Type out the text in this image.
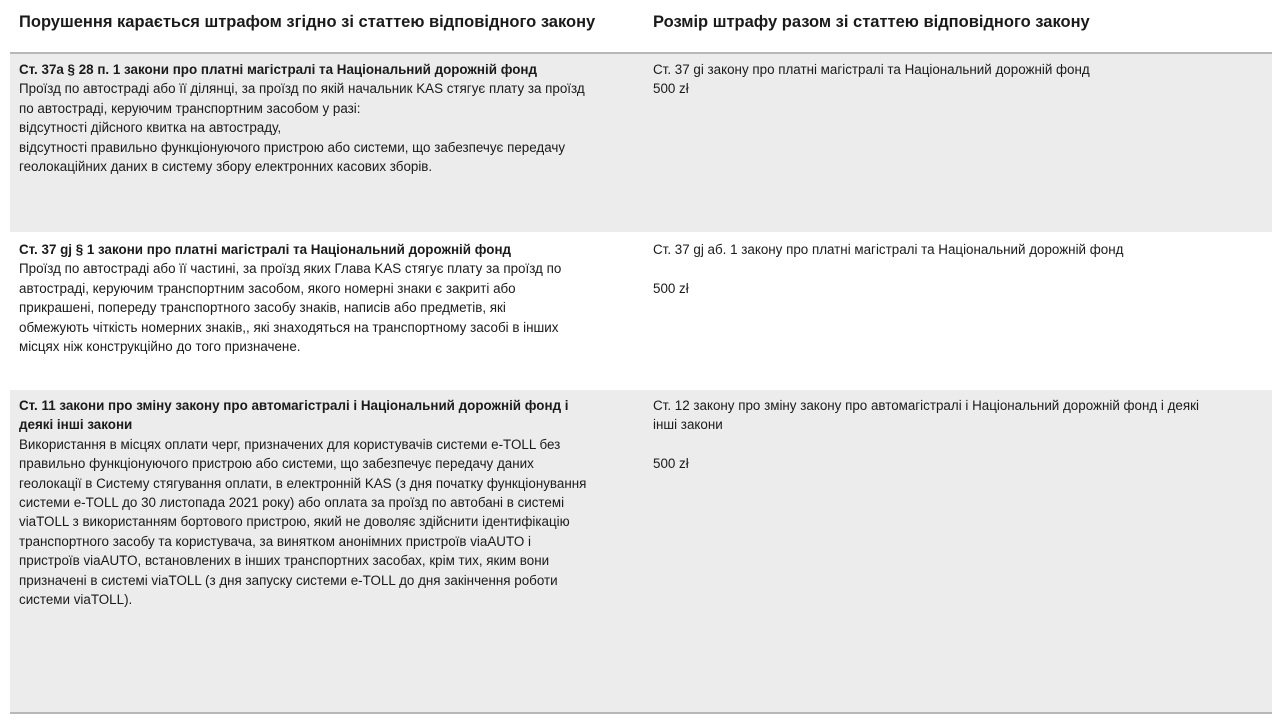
Порушення карається штрафом згідно зі статтею відповідного закону	Розмір штрафу разом зі статтею відповідного закону
Ст. 37a § 28 п. 1 закони про платні магістралі та Національний дорожній фонд
Проїзд по автостраді або її ділянці, за проїзд по якій начальник KAS стягує плату за проїзд
по автостраді, керуючим транспортним засобом у разі:
відсутності дійсного квитка на автостраду,
відсутності правильно функціонуючого пристрою або системи, що забезпечує передачу
геолокаційних даних в систему збору електронних касових зборів.
Ст. 37 gі закону про платні магістралі та Національний дорожній фонд
500 zł
Ст. 37 gj § 1 закони про платні магістралі та Національний дорожній фонд
Проїзд по автостраді або її частині, за проїзд яких Глава KAS стягує плату за проїзд по
автостраді, керуючим транспортним засобом, якого номерні знаки є закриті або
прикрашені, попереду транспортного засобу знаків, написів або предметів, які
обмежують чіткість номерних знаків,, які знаходяться на транспортному засобі в інших
місцях ніж конструкційно до того призначене.
Ст. 37 gj аб. 1 закону про платні магістралі та Національний дорожній фонд
500 zł
Ст. 11 закони про зміну закону про автомагістралі і Національний дорожній фонд і
деякі інші закони
Використання в місцях оплати черг, призначених для користувачів системи e-TOLL без
правильно функціонуючого пристрою або системи, що забезпечує передачу даних
геолокації в Систему стягування оплати, в електронній KAS (з дня початку функціонування
системи e-TOLL до 30 листопада 2021 року) або оплата за проїзд по автобані в системі
viaTOLL з використанням бортового пристрою, який не доволяє здійснити ідентифікацію
транспортного засобу та користувача, за винятком анонімних пристроїв viaAUTO і
пристроїв viaAUTO, встановлених в інших транспортних засобах, крім тих, яким вони
призначені в системі viaTOLL (з дня запуску системи e-TOLL до дня закінчення роботи
системи viaTOLL).
Ст. 12 закону про зміну закону про автомагістралі і Національний дорожній фонд і деякі
інші закони
500 zł
